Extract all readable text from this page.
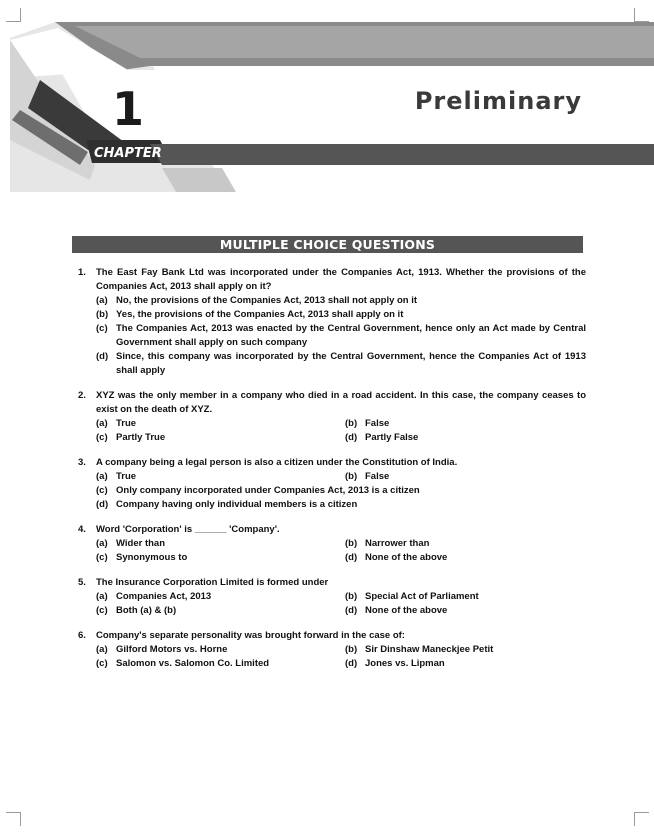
1
CHAPTER
Preliminary
MULTIPLE CHOICE QUESTIONS
1.	The East Fay Bank Ltd was incorporated under the Companies Act, 1913. Whether the provisions of the Companies Act, 2013 shall apply on it?
(a) No, the provisions of the Companies Act, 2013 shall not apply on it
(b) Yes, the provisions of the Companies Act, 2013 shall apply on it
(c) The Companies Act, 2013 was enacted by the Central Government, hence only an Act made by Central Government shall apply on such company
(d) Since, this company was incorporated by the Central Government, hence the Companies Act of 1913 shall apply
2.	XYZ was the only member in a company who died in a road accident. In this case, the company ceases to exist on the death of XYZ.
(a) True	(b) False
(c) Partly True	(d) Partly False
3.	A company being a legal person is also a citizen under the Constitution of India.
(a) True	(b) False
(c) Only company incorporated under Companies Act, 2013 is a citizen
(d) Company having only individual members is a citizen
4.	Word 'Corporation' is ______ 'Company'.
(a) Wider than	(b) Narrower than
(c) Synonymous to	(d) None of the above
5.	The Insurance Corporation Limited is formed under
(a) Companies Act, 2013	(b) Special Act of Parliament
(c) Both (a) & (b)	(d) None of the above
6.	Company's separate personality was brought forward in the case of:
(a) Gilford Motors vs. Horne	(b) Sir Dinshaw Maneckjee Petit
(c) Salomon vs. Salomon Co. Limited	(d) Jones vs. Lipman
